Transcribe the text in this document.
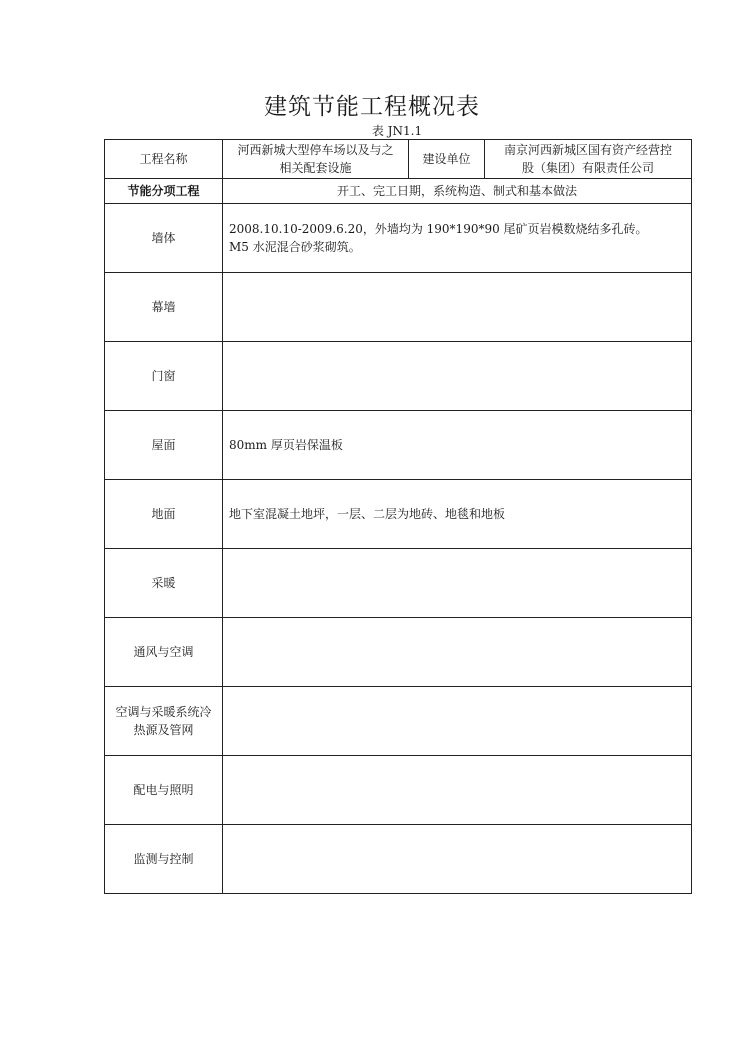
建筑节能工程概况表
表 JN1.1
工程名称	河西新城大型停车场以及与之
相关配套设施	建设单位	南京河西新城区国有资产经营控
股（集团）有限责任公司

节能分项工程	开工、完工日期，系统构造、制式和基本做法		
墙体	2008.10.10-2009.6.20，外墙均为 190*190*90 尾矿页岩模数烧结多孔砖。
M5 水泥混合砂浆砌筑。		

幕墙			
门窗			
屋面	80mm 厚页岩保温板		
地面	地下室混凝土地坪，一层、二层为地砖、地毯和地板		
采暖			
通风与空调			

空调与采暖系统冷
热源及管网			

配电与照明			
监测与控制			
